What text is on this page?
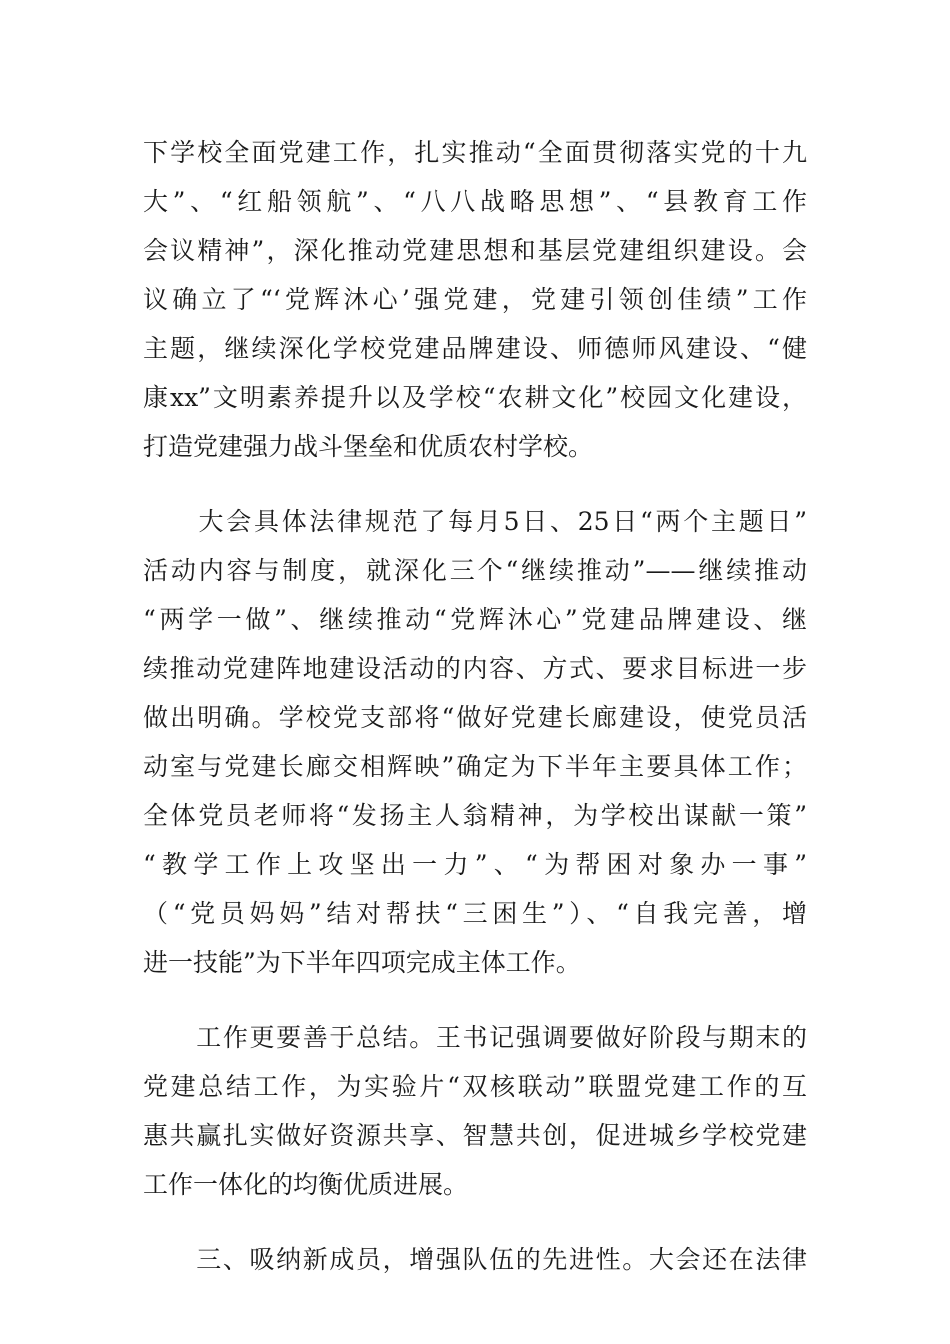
下学校全面党建工作，扎实推动“全面贯彻落实党的十九
大”、“红船领航”、“八八战略思想”、“县教育工作
会议精神”，深化推动党建思想和基层党建组织建设。会
议确立了“‘党辉沐心’强党建，党建引领创佳绩”工作
主题，继续深化学校党建品牌建设、师德师风建设、“健
康xx”文明素养提升以及学校“农耕文化”校园文化建设，
打造党建强力战斗堡垒和优质农村学校。
　　大会具体法律规范了每月5日、25日“两个主题日”
活动内容与制度，就深化三个“继续推动”——继续推动
“两学一做”、继续推动“党辉沐心”党建品牌建设、继
续推动党建阵地建设活动的内容、方式、要求目标进一步
做出明确。学校党支部将“做好党建长廊建设，使党员活
动室与党建长廊交相辉映”确定为下半年主要具体工作；
全体党员老师将“发扬主人翁精神，为学校出谋献一策”
“教学工作上攻坚出一力”、“为帮困对象办一事”
（“党员妈妈”结对帮扶“三困生”）、“自我完善，增
进一技能”为下半年四项完成主体工作。
　　工作更要善于总结。王书记强调要做好阶段与期末的
党建总结工作，为实验片“双核联动”联盟党建工作的互
惠共赢扎实做好资源共享、智慧共创，促进城乡学校党建
工作一体化的均衡优质进展。
　　三、吸纳新成员，增强队伍的先进性。大会还在法律
